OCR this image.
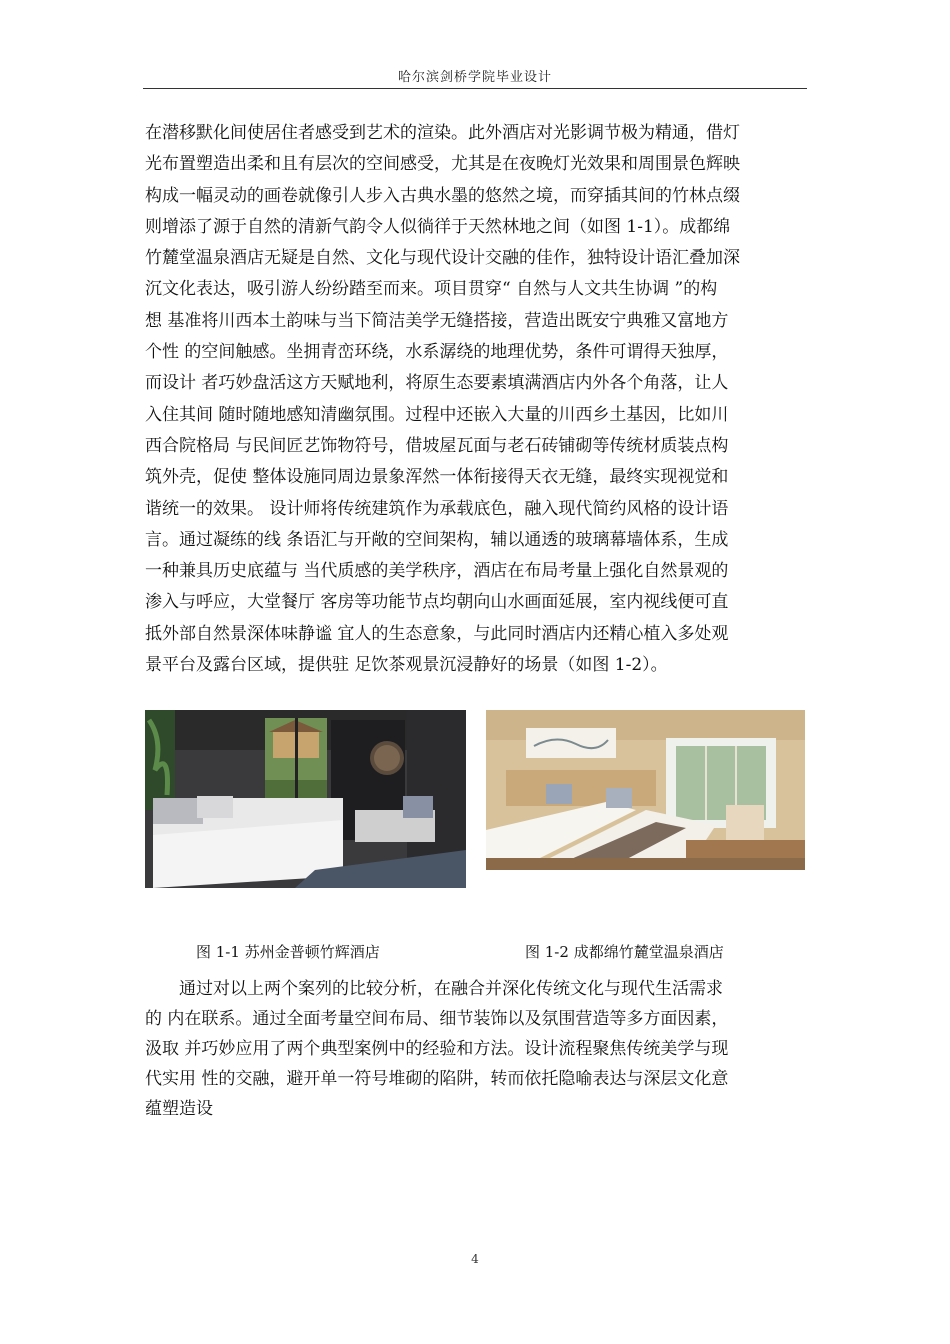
哈尔滨剑桥学院毕业设计
在潜移默化间使居住者感受到艺术的渲染。此外酒店对光影调节极为精通，借灯
光布置塑造出柔和且有层次的空间感受，尤其是在夜晚灯光效果和周围景色辉映
构成一幅灵动的画卷就像引人步入古典水墨的悠然之境，而穿插其间的竹林点缀
则增添了源于自然的清新气韵令人似徜徉于天然林地之间（如图 1-1）。成都绵
竹麓堂温泉酒店无疑是自然、文化与现代设计交融的佳作，独特设计语汇叠加深
沉文化表达，吸引游人纷纷踏至而来。项目贯穿“ 自然与人文共生协调 ”的构
想 基准将川西本土韵味与当下简洁美学无缝搭接，营造出既安宁典雅又富地方
个性 的空间触感。坐拥青峦环绕，水系潺绕的地理优势，条件可谓得天独厚，
而设计 者巧妙盘活这方天赋地利，将原生态要素填满酒店内外各个角落，让人
入住其间 随时随地感知清幽氛围。过程中还嵌入大量的川西乡土基因，比如川
西合院格局 与民间匠艺饰物符号，借坡屋瓦面与老石砖铺砌等传统材质装点构
筑外壳，促使 整体设施同周边景象浑然一体衔接得天衣无缝，最终实现视觉和
谐统一的效果。 设计师将传统建筑作为承载底色，融入现代简约风格的设计语
言。通过凝练的线 条语汇与开敞的空间架构，辅以通透的玻璃幕墙体系，生成
一种兼具历史底蕴与 当代质感的美学秩序，酒店在布局考量上强化自然景观的
渗入与呼应，大堂餐厅 客房等功能节点均朝向山水画面延展，室内视线便可直
抵外部自然景深体味静谧 宜人的生态意象，与此同时酒店内还精心植入多处观
景平台及露台区域，提供驻 足饮茶观景沉浸静好的场景（如图 1-2）。
图 1-1 苏州金普顿竹辉酒店	图 1-2 成都绵竹麓堂温泉酒店
通过对以上两个案列的比较分析，在融合并深化传统文化与现代生活需求
的 内在联系。通过全面考量空间布局、细节装饰以及氛围营造等多方面因素，
汲取 并巧妙应用了两个典型案例中的经验和方法。设计流程聚焦传统美学与现
代实用 性的交融，避开单一符号堆砌的陷阱，转而依托隐喻表达与深层文化意
蕴塑造设
4
